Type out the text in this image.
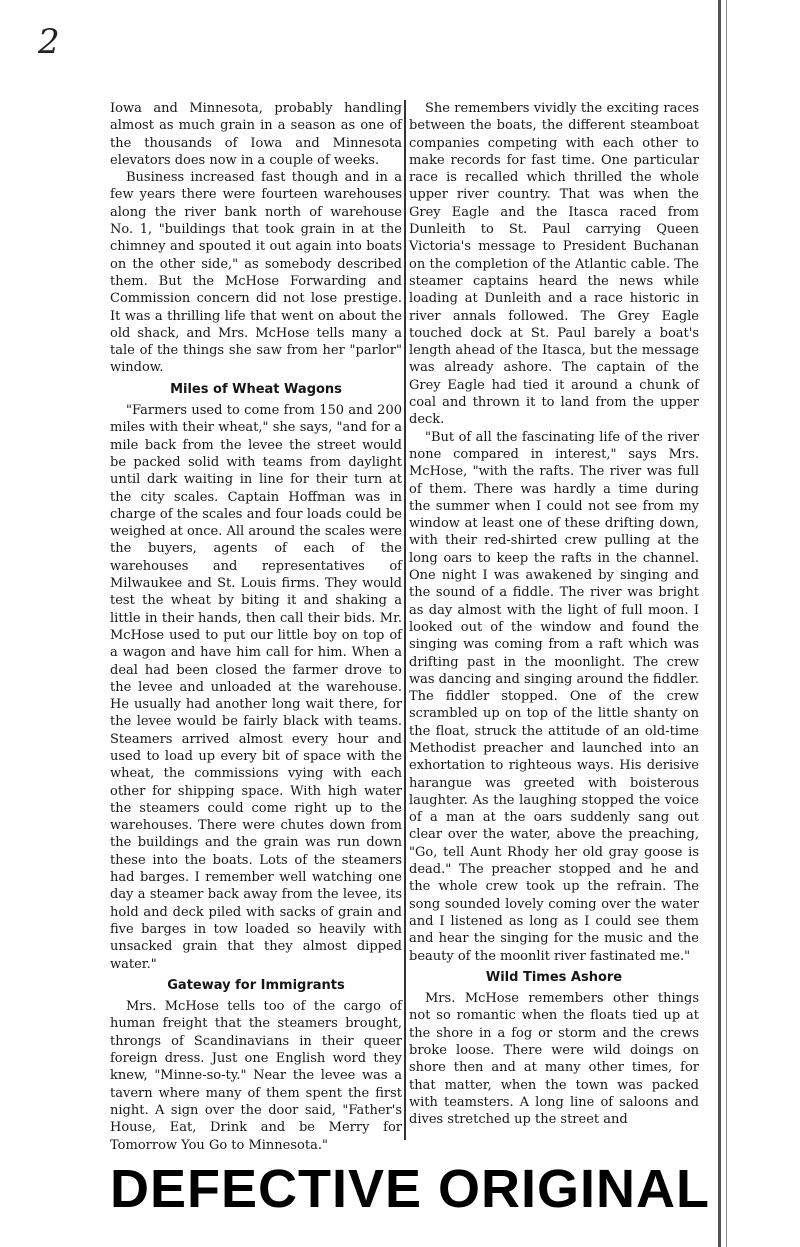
2

Iowa and Minnesota, probably handling almost as much grain in a season as one of the thousands of Iowa and Minnesota elevators does now in a couple of weeks.

Business increased fast though and in a few years there were fourteen warehouses along the river bank north of warehouse No. 1, "buildings that took grain in at the chimney and spouted it out again into boats on the other side," as somebody described them. But the McHose Forwarding and Commission concern did not lose prestige. It was a thrilling life that went on about the old shack, and Mrs. McHose tells many a tale of the things she saw from her "parlor" window.

Miles of Wheat Wagons

"Farmers used to come from 150 and 200 miles with their wheat," she says, "and for a mile back from the levee the street would be packed solid with teams from daylight until dark waiting in line for their turn at the city scales. Captain Hoffman was in charge of the scales and four loads could be weighed at once. All around the scales were the buyers, agents of each of the warehouses and representatives of Milwaukee and St. Louis firms. They would test the wheat by biting it and shaking a little in their hands, then call their bids. Mr. McHose used to put our little boy on top of a wagon and have him call for him. When a deal had been closed the farmer drove to the levee and unloaded at the warehouse. He usually had another long wait there, for the levee would be fairly black with teams. Steamers arrived almost every hour and used to load up every bit of space with the wheat, the commissions vying with each other for shipping space. With high water the steamers could come right up to the warehouses. There were chutes down from the buildings and the grain was run down these into the boats. Lots of the steamers had barges. I remember well watching one day a steamer back away from the levee, its hold and deck piled with sacks of grain and five barges in tow loaded so heavily with unsacked grain that they almost dipped water."

Gateway for Immigrants

Mrs. McHose tells too of the cargo of human freight that the steamers brought, throngs of Scandinavians in their queer foreign dress. Just one English word they knew, "Minne-so-ty." Near the levee was a tavern where many of them spent the first night. A sign over the door said, "Father's House, Eat, Drink and be Merry for Tomorrow You Go to Minnesota."

She remembers vividly the exciting races between the boats, the different steamboat companies competing with each other to make records for fast time. One particular race is recalled which thrilled the whole upper river country. That was when the Grey Eagle and the Itasca raced from Dunleith to St. Paul carrying Queen Victoria's message to President Buchanan on the completion of the Atlantic cable. The steamer captains heard the news while loading at Dunleith and a race historic in river annals followed. The Grey Eagle touched dock at St. Paul barely a boat's length ahead of the Itasca, but the message was already ashore. The captain of the Grey Eagle had tied it around a chunk of coal and thrown it to land from the upper deck.

"But of all the fascinating life of the river none compared in interest," says Mrs. McHose, "with the rafts. The river was full of them. There was hardly a time during the summer when I could not see from my window at least one of these drifting down, with their red-shirted crew pulling at the long oars to keep the rafts in the channel. One night I was awakened by singing and the sound of a fiddle. The river was bright as day almost with the light of full moon. I looked out of the window and found the singing was coming from a raft which was drifting past in the moonlight. The crew was dancing and singing around the fiddler. The fiddler stopped. One of the crew scrambled up on top of the little shanty on the float, struck the attitude of an old-time Methodist preacher and launched into an exhortation to righteous ways. His derisive harangue was greeted with boisterous laughter. As the laughing stopped the voice of a man at the oars suddenly sang out clear over the water, above the preaching, "Go, tell Aunt Rhody her old gray goose is dead." The preacher stopped and he and the whole crew took up the refrain. The song sounded lovely coming over the water and I listened as long as I could see them and hear the singing for the music and the beauty of the moonlit river fastinated me."

Wild Times Ashore

Mrs. McHose remembers other things not so romantic when the floats tied up at the shore in a fog or storm and the crews broke loose. There were wild doings on shore then and at many other times, for that matter, when the town was packed with teamsters. A long line of saloons and dives stretched up the street and

DEFECTIVE ORIGINAL
